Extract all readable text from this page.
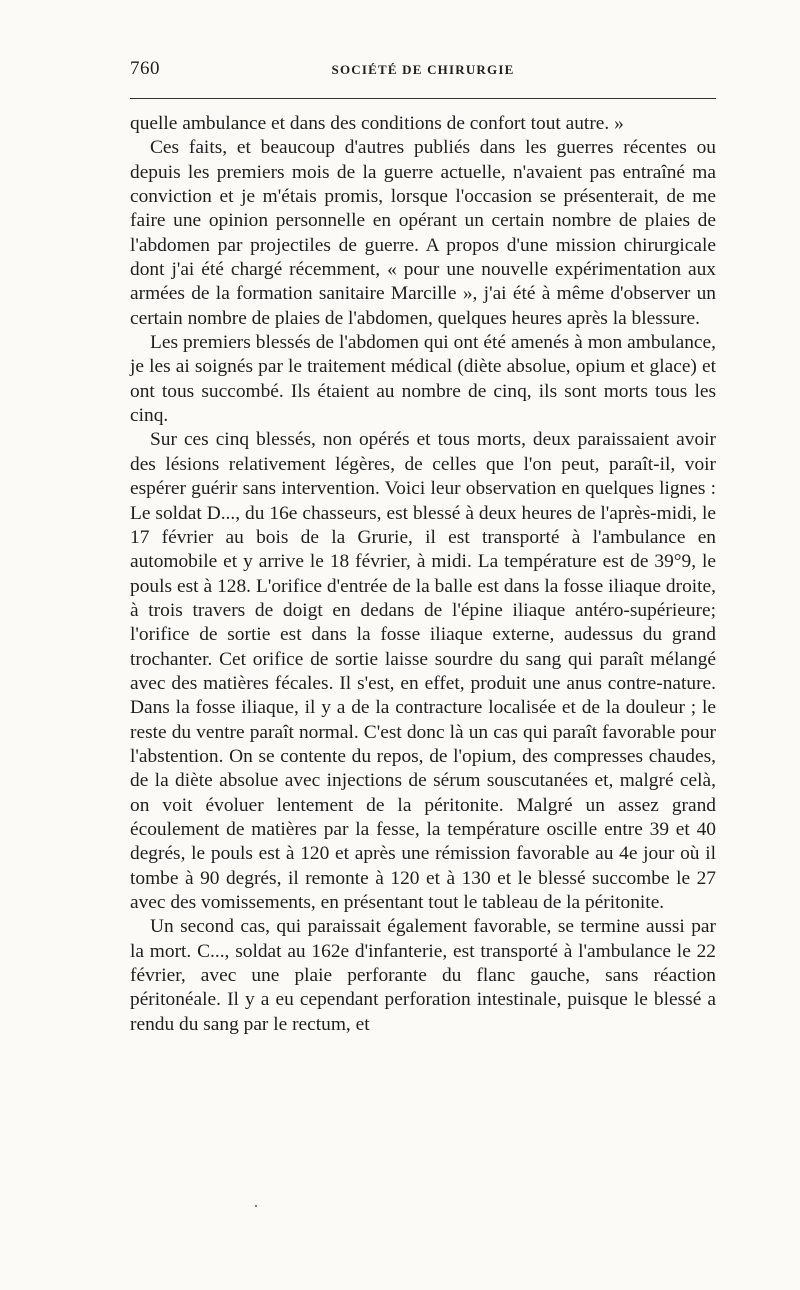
760	SOCIÉTÉ DE CHIRURGIE

quelle ambulance et dans des conditions de confort tout autre. »

Ces faits, et beaucoup d'autres publiés dans les guerres récentes ou depuis les premiers mois de la guerre actuelle, n'avaient pas entraîné ma conviction et je m'étais promis, lorsque l'occasion se présenterait, de me faire une opinion personnelle en opérant un certain nombre de plaies de l'abdomen par projectiles de guerre. A propos d'une mission chirurgicale dont j'ai été chargé récemment, « pour une nouvelle expérimentation aux armées de la formation sanitaire Marcille », j'ai été à même d'observer un certain nombre de plaies de l'abdomen, quelques heures après la blessure.

Les premiers blessés de l'abdomen qui ont été amenés à mon ambulance, je les ai soignés par le traitement médical (diète absolue, opium et glace) et ont tous succombé. Ils étaient au nombre de cinq, ils sont morts tous les cinq.

Sur ces cinq blessés, non opérés et tous morts, deux paraissaient avoir des lésions relativement légères, de celles que l'on peut, paraît-il, voir espérer guérir sans intervention. Voici leur observation en quelques lignes : Le soldat D..., du 16e chasseurs, est blessé à deux heures de l'après-midi, le 17 février au bois de la Grurie, il est transporté à l'ambulance en automobile et y arrive le 18 février, à midi. La température est de 39°9, le pouls est à 128. L'orifice d'entrée de la balle est dans la fosse iliaque droite, à trois travers de doigt en dedans de l'épine iliaque antéro-supérieure; l'orifice de sortie est dans la fosse iliaque externe, audessus du grand trochanter. Cet orifice de sortie laisse sourdre du sang qui paraît mélangé avec des matières fécales. Il s'est, en effet, produit une anus contre-nature. Dans la fosse iliaque, il y a de la contracture localisée et de la douleur ; le reste du ventre paraît normal. C'est donc là un cas qui paraît favorable pour l'abstention. On se contente du repos, de l'opium, des compresses chaudes, de la diète absolue avec injections de sérum souscutanées et, malgré celà, on voit évoluer lentement de la péritonite. Malgré un assez grand écoulement de matières par la fesse, la température oscille entre 39 et 40 degrés, le pouls est à 120 et après une rémission favorable au 4e jour où il tombe à 90 degrés, il remonte à 120 et à 130 et le blessé succombe le 27 avec des vomissements, en présentant tout le tableau de la péritonite.

Un second cas, qui paraissait également favorable, se termine aussi par la mort. C..., soldat au 162e d'infanterie, est transporté à l'ambulance le 22 février, avec une plaie perforante du flanc gauche, sans réaction péritonéale. Il y a eu cependant perforation intestinale, puisque le blessé a rendu du sang par le rectum, et
